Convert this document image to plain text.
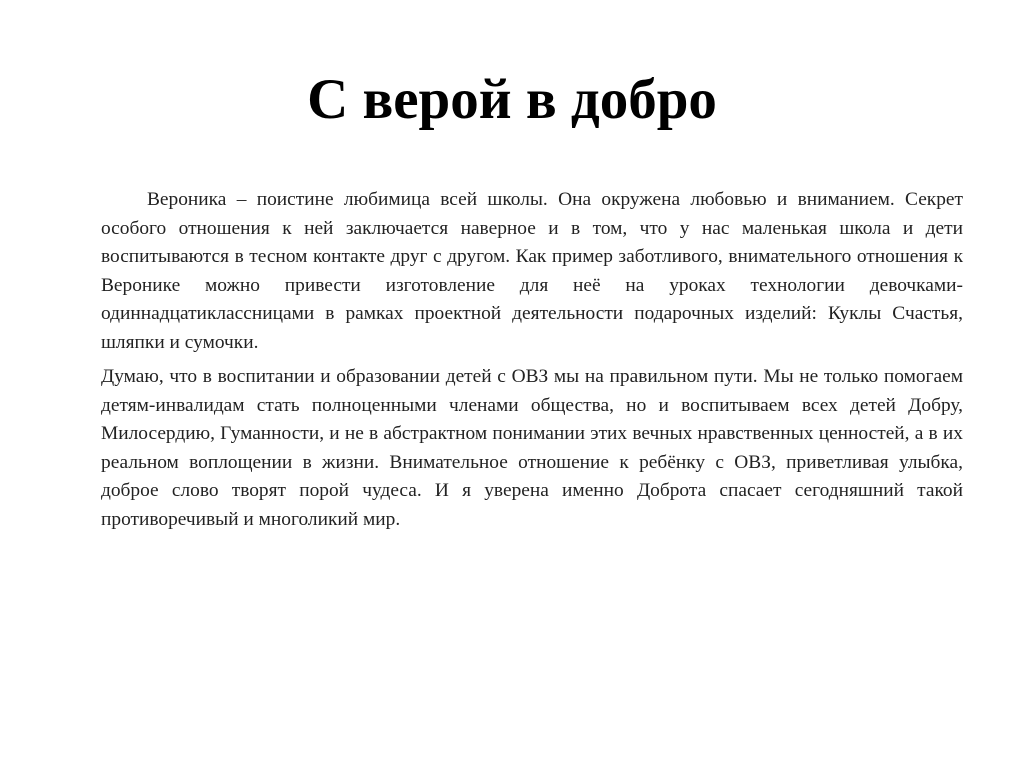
С верой в добро

Вероника – поистине любимица всей школы. Она окружена любовью и вниманием. Секрет особого отношения к ней заключается наверное и в том, что у нас маленькая школа и дети воспитываются в тесном контакте друг с другом. Как пример заботливого, внимательного отношения к Веронике можно привести изготовление для неё на уроках технологии девочками-одиннадцатиклассницами в рамках проектной деятельности подарочных изделий: Куклы Счастья, шляпки и сумочки.

Думаю, что в воспитании и образовании детей с ОВЗ мы на правильном пути. Мы не только помогаем детям-инвалидам стать полноценными членами общества, но и воспитываем всех детей Добру, Милосердию, Гуманности, и не в абстрактном понимании этих вечных нравственных ценностей, а в их реальном воплощении в жизни. Внимательное отношение к ребёнку с ОВЗ, приветливая улыбка, доброе слово творят порой чудеса. И я уверена именно Доброта спасает сегодняшний такой противоречивый и многоликий мир.
